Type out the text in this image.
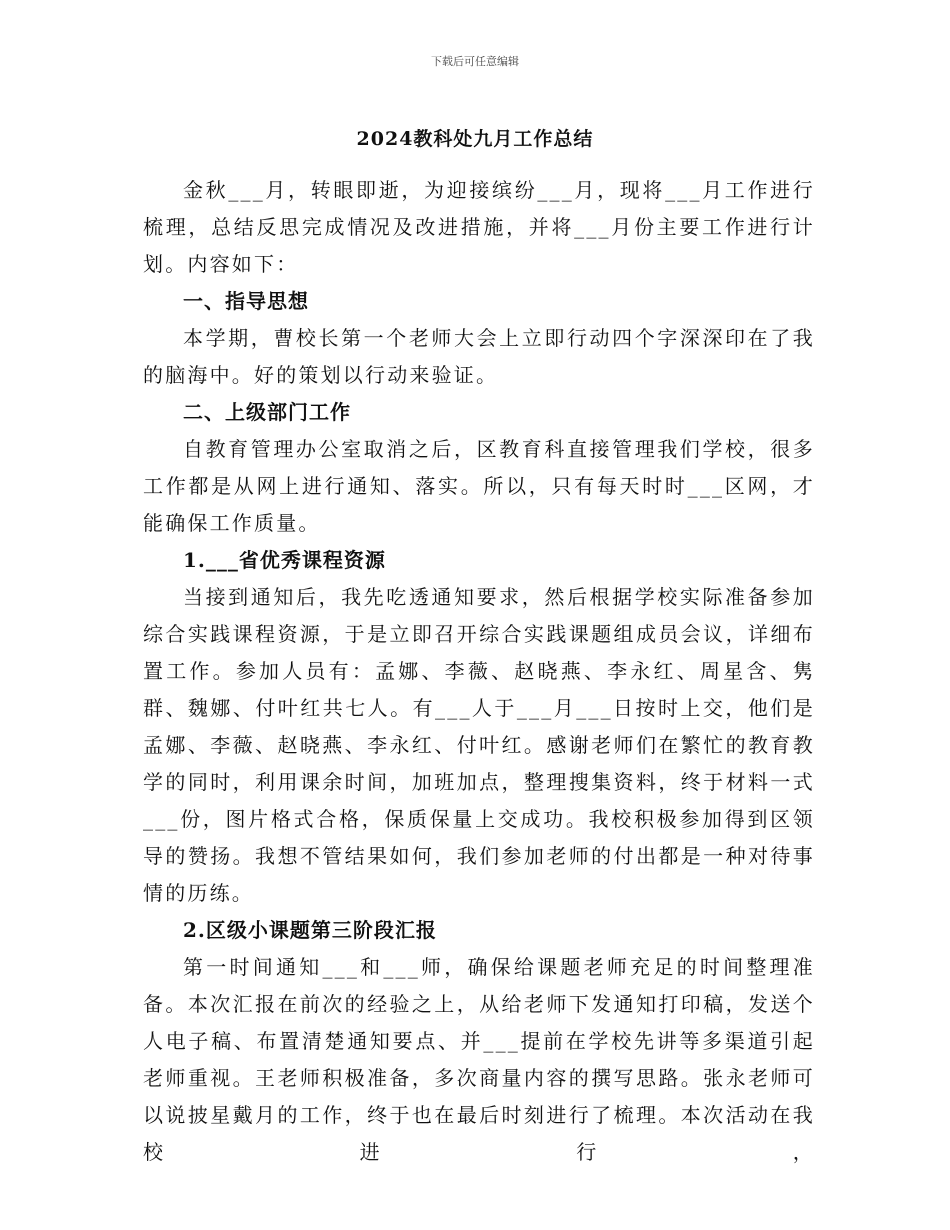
下载后可任意编辑
2024教科处九月工作总结

金秋___月，转眼即逝，为迎接缤纷___月，现将___月工作进行梳理，总结反思完成情况及改进措施，并将___月份主要工作进行计划。内容如下：

一、指导思想

本学期，曹校长第一个老师大会上立即行动四个字深深印在了我的脑海中。好的策划以行动来验证。

二、上级部门工作

自教育管理办公室取消之后，区教育科直接管理我们学校，很多工作都是从网上进行通知、落实。所以，只有每天时时___区网，才能确保工作质量。

1.___省优秀课程资源

当接到通知后，我先吃透通知要求，然后根据学校实际准备参加综合实践课程资源，于是立即召开综合实践课题组成员会议，详细布置工作。参加人员有：孟娜、李薇、赵晓燕、李永红、周星含、隽群、魏娜、付叶红共七人。有___人于___月___日按时上交，他们是孟娜、李薇、赵晓燕、李永红、付叶红。感谢老师们在繁忙的教育教学的同时，利用课余时间，加班加点，整理搜集资料，终于材料一式___份，图片格式合格，保质保量上交成功。我校积极参加得到区领导的赞扬。我想不管结果如何，我们参加老师的付出都是一种对待事情的历练。

2.区级小课题第三阶段汇报

第一时间通知___和___师，确保给课题老师充足的时间整理准备。本次汇报在前次的经验之上，从给老师下发通知打印稿，发送个人电子稿、布置清楚通知要点、并___提前在学校先讲等多渠道引起老师重视。王老师积极准备，多次商量内容的撰写思路。张永老师可以说披星戴月的工作，终于也在最后时刻进行了梳理。本次活动在我校进行，
